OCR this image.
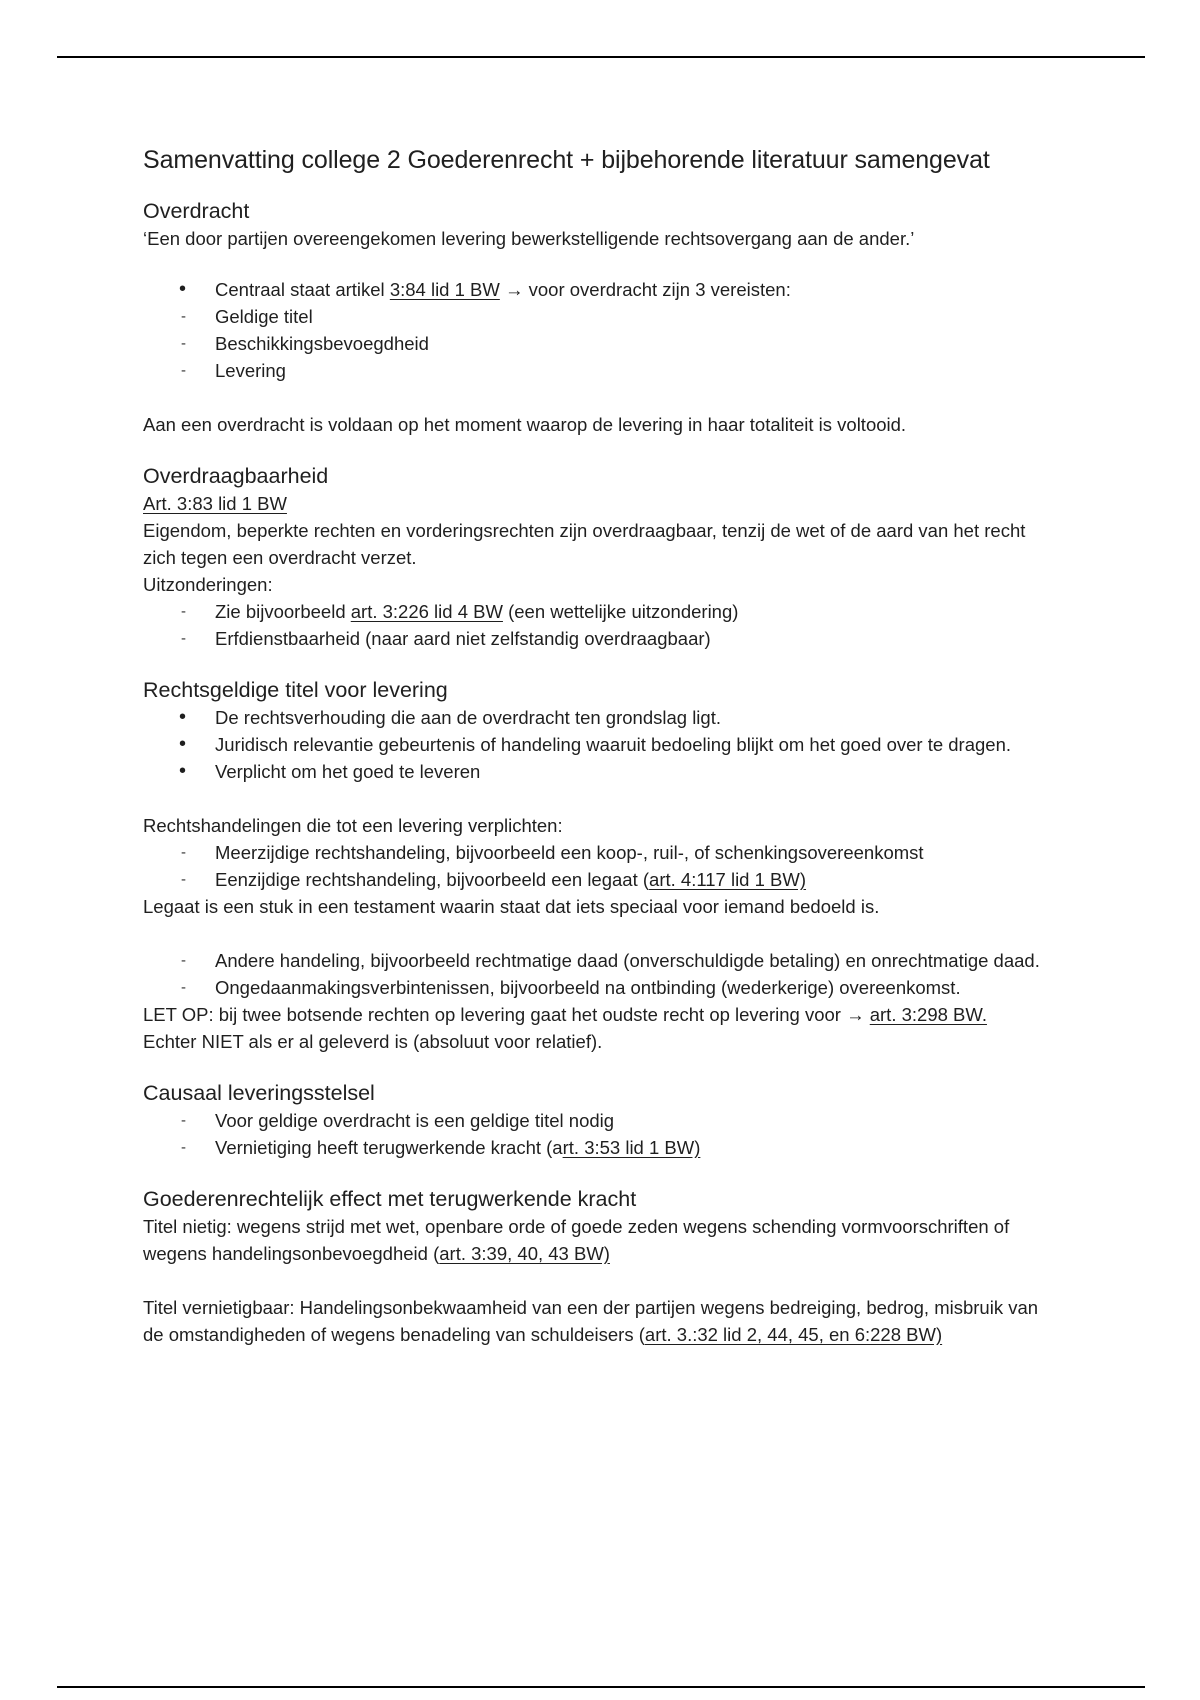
Samenvatting college 2 Goederenrecht + bijbehorende literatuur samengevat
Overdracht

‘Een door partijen overeengekomen levering bewerkstelligende rechtsovergang aan de ander.’

•	Centraal staat artikel 3:84 lid 1 BW → voor overdracht zijn 3 vereisten:
-	Geldige titel
-	Beschikkingsbevoegdheid
-	Levering

Aan een overdracht is voldaan op het moment waarop de levering in haar totaliteit is voltooid.

Overdraagbaarheid

Art. 3:83 lid 1 BW

Eigendom, beperkte rechten en vorderingsrechten zijn overdraagbaar, tenzij de wet of de aard van het recht zich tegen een overdracht verzet.

Uitzonderingen:

-	Zie bijvoorbeeld art. 3:226 lid 4 BW (een wettelijke uitzondering)
-	Erfdienstbaarheid (naar aard niet zelfstandig overdraagbaar)
Rechtsgeldige titel voor levering
•	De rechtsverhouding die aan de overdracht ten grondslag ligt.
•	Juridisch relevantie gebeurtenis of handeling waaruit bedoeling blijkt om het goed over te dragen.
•	Verplicht om het goed te leveren

Rechtshandelingen die tot een levering verplichten:

-	Meerzijdige rechtshandeling, bijvoorbeeld een koop-, ruil-, of schenkingsovereenkomst
-	Eenzijdige rechtshandeling, bijvoorbeeld een legaat (art. 4:117 lid 1 BW)

Legaat is een stuk in een testament waarin staat dat iets speciaal voor iemand bedoeld is.

-	Andere handeling, bijvoorbeeld rechtmatige daad (onverschuldigde betaling) en onrechtmatige daad.
-	Ongedaanmakingsverbintenissen, bijvoorbeeld na ontbinding (wederkerige) overeenkomst.

LET OP: bij twee botsende rechten op levering gaat het oudste recht op levering voor → art. 3:298 BW. Echter NIET als er al geleverd is (absoluut voor relatief).

Causaal leveringsstelsel
-	Voor geldige overdracht is een geldige titel nodig
-	Vernietiging heeft terugwerkende kracht (art. 3:53 lid 1 BW)
Goederenrechtelijk effect met terugwerkende kracht

Titel nietig: wegens strijd met wet, openbare orde of goede zeden wegens schending vormvoorschriften of wegens handelingsonbevoegdheid (art. 3:39, 40, 43 BW)

Titel vernietigbaar: Handelingsonbekwaamheid van een der partijen wegens bedreiging, bedrog, misbruik van de omstandigheden of wegens benadeling van schuldeisers (art. 3.:32 lid 2, 44, 45, en 6:228 BW)
